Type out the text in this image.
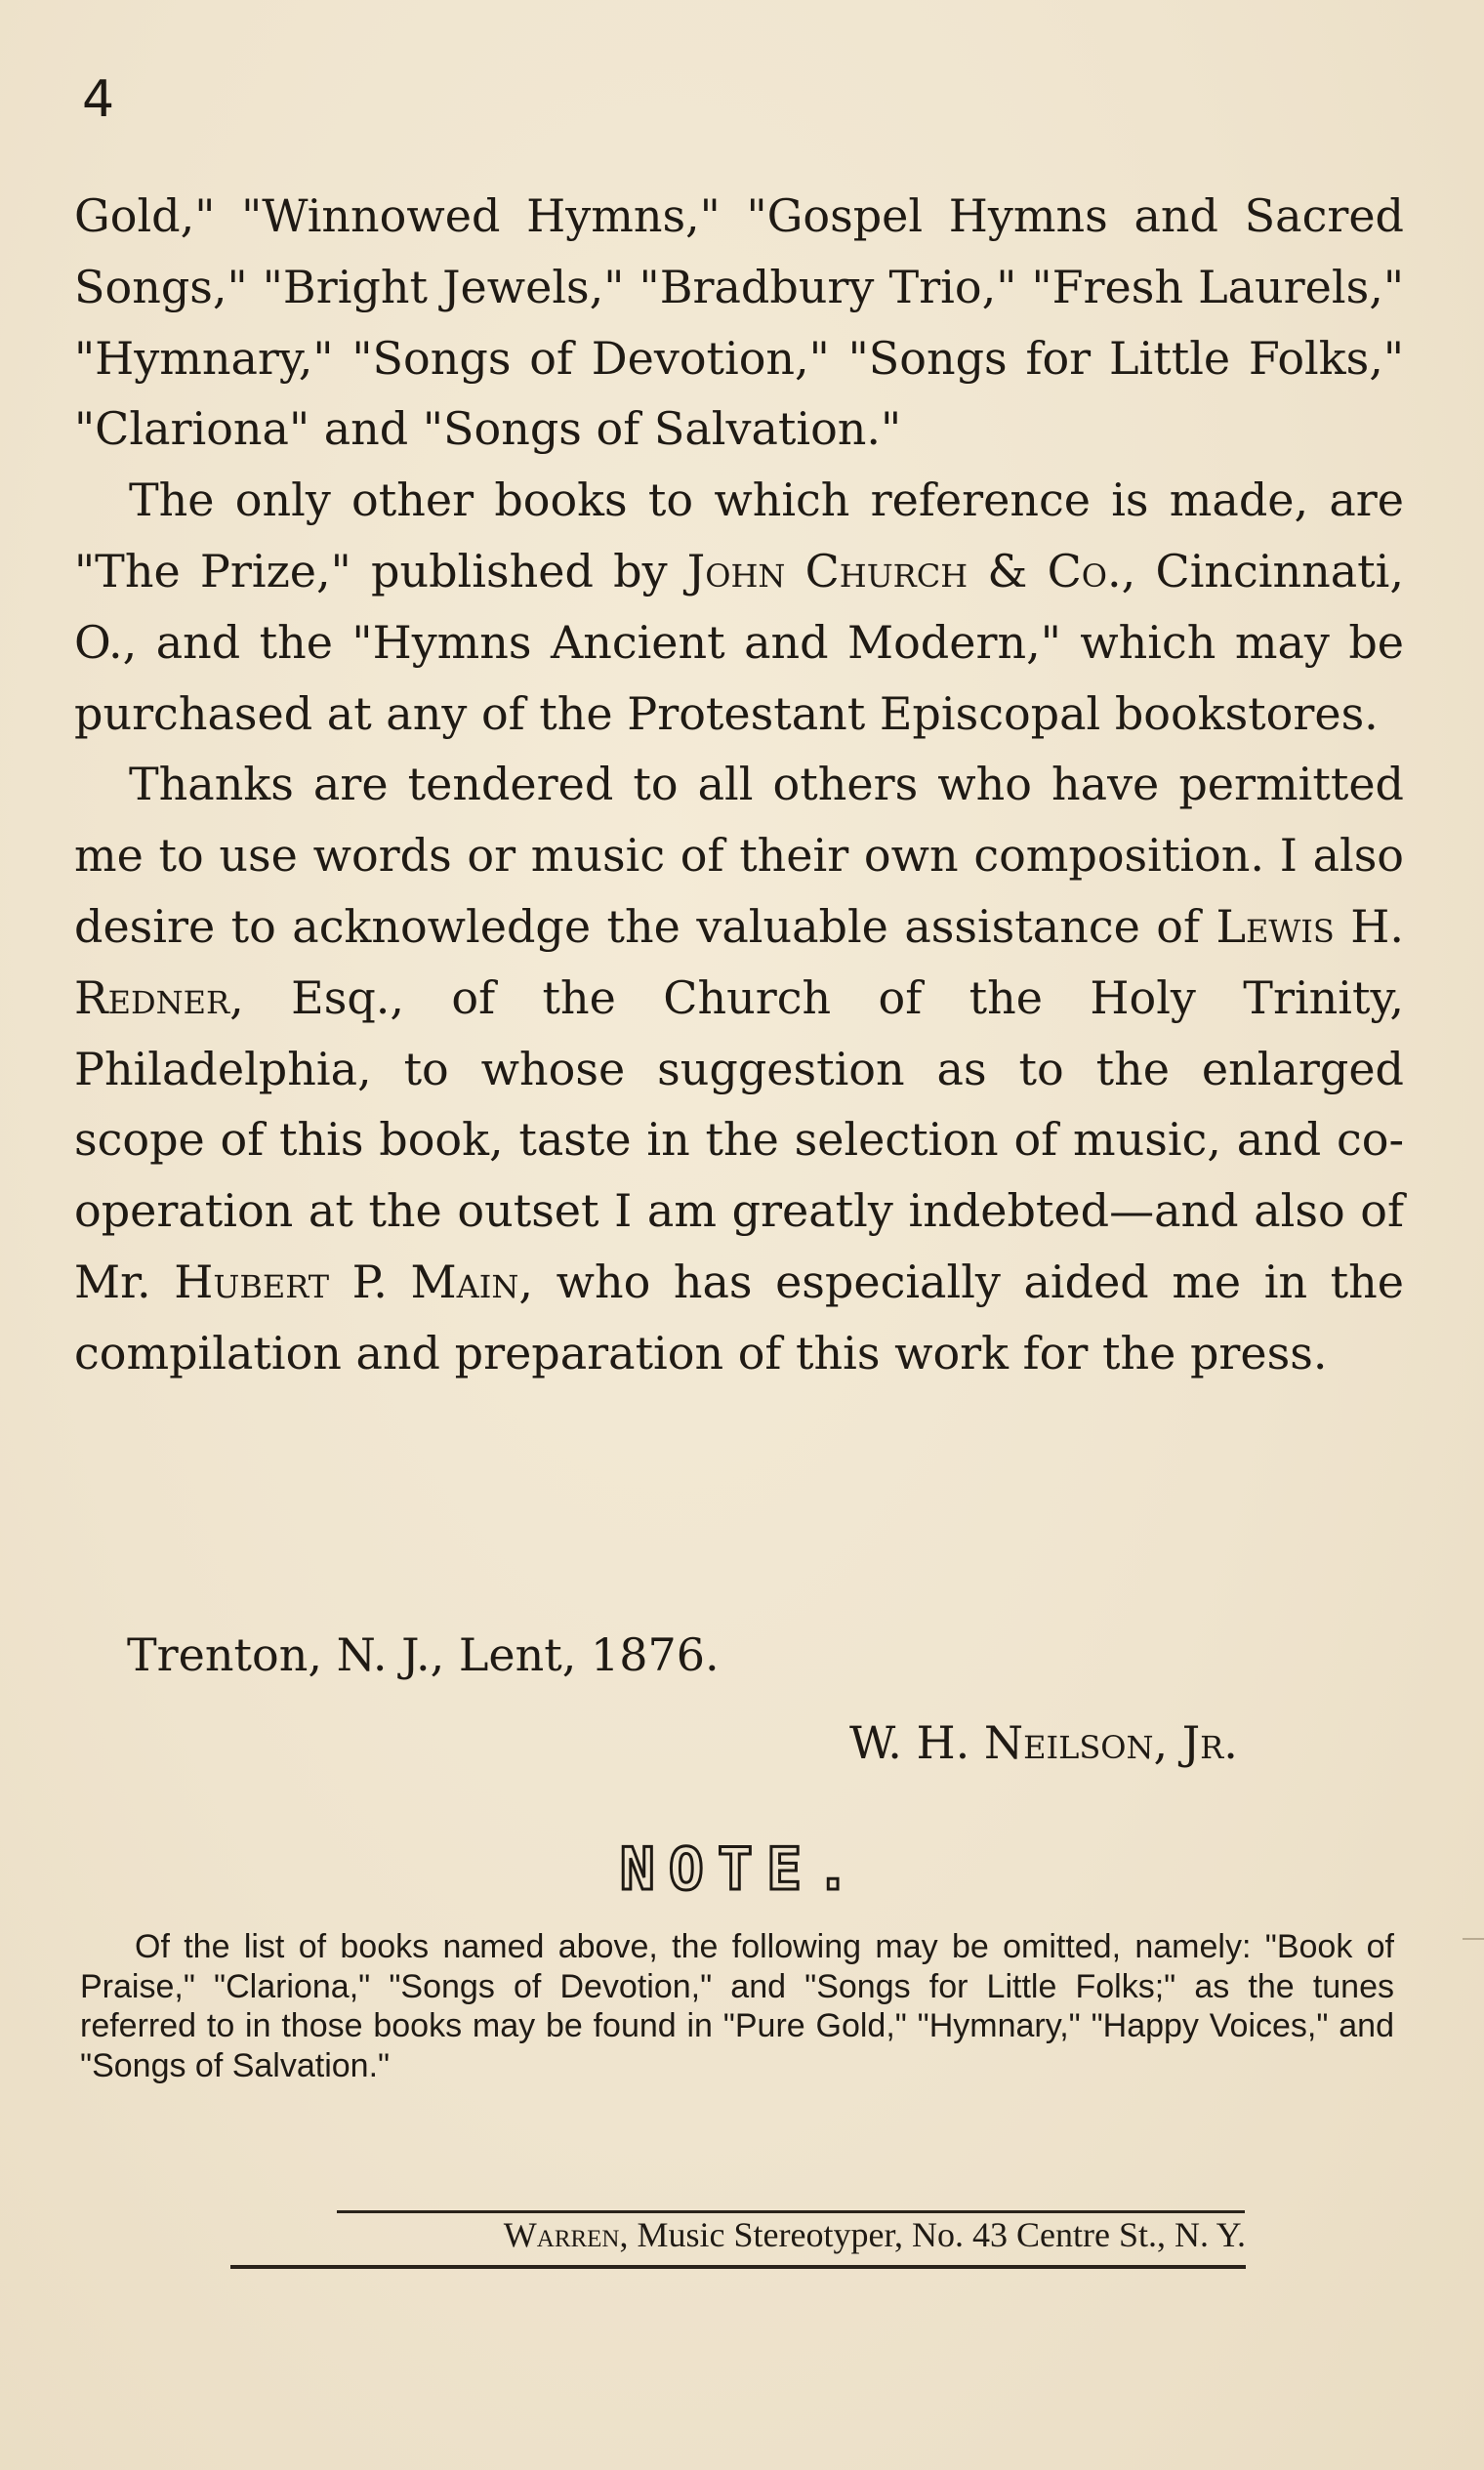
4

Gold," "Winnowed Hymns," "Gospel Hymns and Sacred Songs," "Bright Jewels," "Bradbury Trio," "Fresh Laurels," "Hymnary," "Songs of Devotion," "Songs for Little Folks," "Clariona" and "Songs of Salvation."

The only other books to which reference is made, are "The Prize," published by John Church & Co., Cincinnati, O., and the "Hymns Ancient and Modern," which may be purchased at any of the Protestant Episcopal bookstores.

Thanks are tendered to all others who have permitted me to use words or music of their own composition. I also desire to acknowledge the valuable assistance of Lewis H. Redner, Esq., of the Church of the Holy Trinity, Philadelphia, to whose suggestion as to the enlarged scope of this book, taste in the selection of music, and co-operation at the outset I am greatly indebted—and also of Mr. Hubert P. Main, who has especially aided me in the compilation and preparation of this work for the press.

Trenton, N. J., Lent, 1876.
W. H. Neilson, Jr.
NOTE.

Of the list of books named above, the following may be omitted, namely: "Book of Praise," "Clariona," "Songs of Devotion," and "Songs for Little Folks;" as the tunes referred to in those books may be found in "Pure Gold," "Hymnary," "Happy Voices," and "Songs of Salvation."

Warren, Music Stereotyper, No. 43 Centre St., N. Y.
